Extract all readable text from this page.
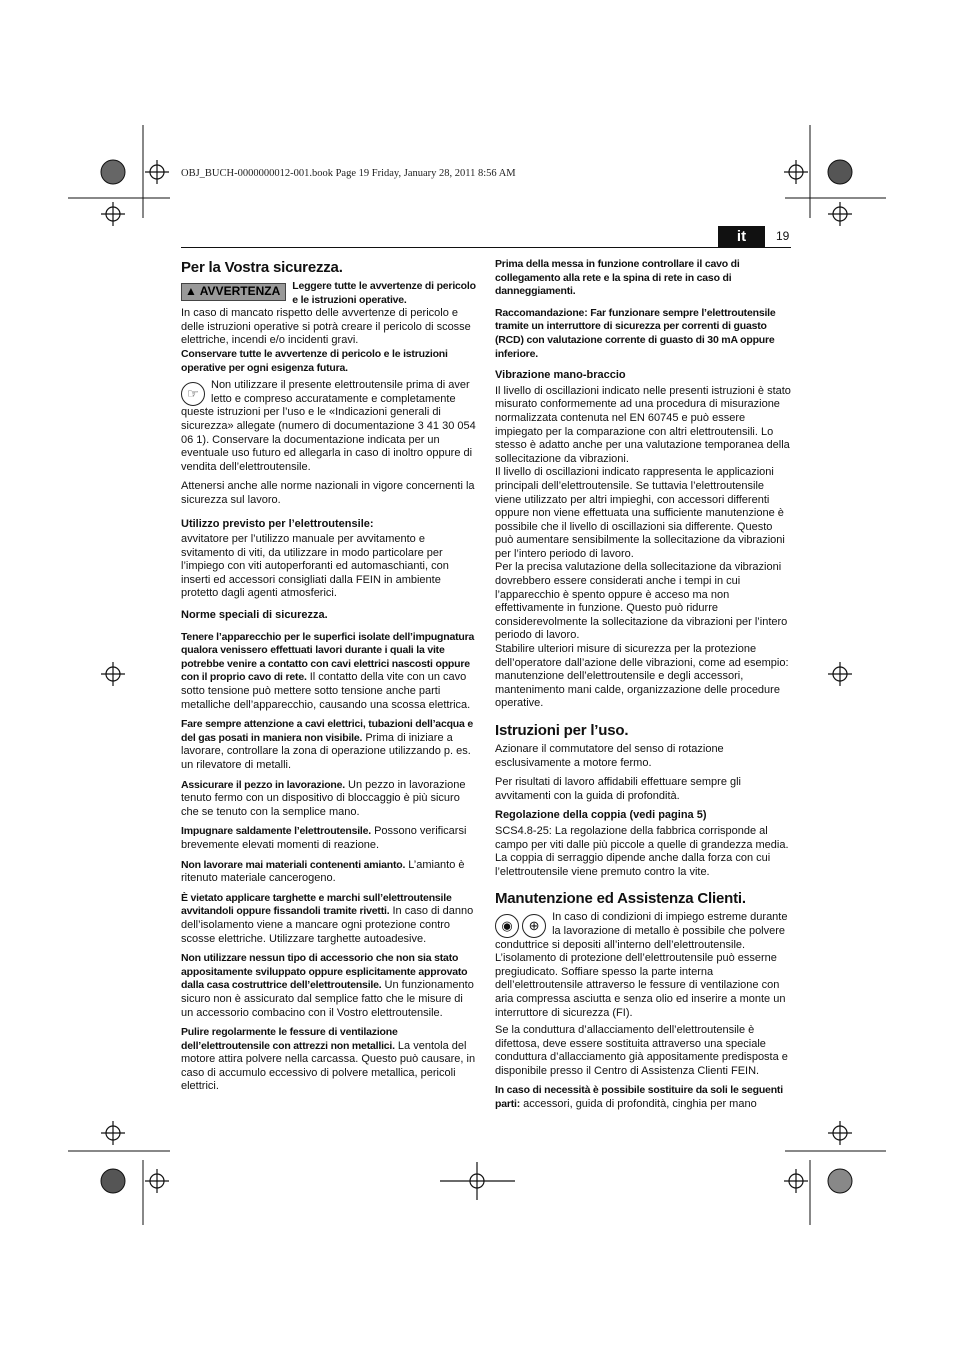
OBJ_BUCH-0000000012-001.book Page 19 Friday, January 28, 2011 8:56 AM
it	19
Per la Vostra sicurezza.
▲ AVVERTENZA	Leggere tutte le avvertenze di pericolo e le istruzioni operative.

In caso di mancato rispetto delle avvertenze di pericolo e delle istruzioni operative si potrà creare il pericolo di scosse elettriche, incendi e/o incidenti gravi.

Conservare tutte le avvertenze di pericolo e le istruzioni operative per ogni esigenza futura.

☞
Non utilizzare il presente elettroutensile prima di aver letto e compreso accuratamente e completamente queste istruzioni per l’uso e le «Indicazioni generali di sicurezza» allegate (numero di documentazione 3 41 30 054 06 1). Conservare la documentazione indicata per un eventuale uso futuro ed allegarla in caso di inoltro oppure di vendita dell’elettroutensile.

Attenersi anche alle norme nazionali in vigore concernenti la sicurezza sul lavoro.

Utilizzo previsto per l’elettroutensile:

avvitatore per l’utilizzo manuale per avvitamento e svitamento di viti, da utilizzare in modo particolare per l’impiego con viti autoperforanti ed automaschianti, con inserti ed accessori consigliati dalla FEIN in ambiente protetto dagli agenti atmosferici.

Norme speciali di sicurezza.

Tenere l’apparecchio per le superfici isolate dell’impugnatura qualora venissero effettuati lavori durante i quali la vite potrebbe venire a contatto con cavi elettrici nascosti oppure con il proprio cavo di rete. Il contatto della vite con un cavo sotto tensione può mettere sotto tensione anche parti metalliche dell’apparecchio, causando una scossa elettrica.

Fare sempre attenzione a cavi elettrici, tubazioni dell’acqua e del gas posati in maniera non visibile. Prima di iniziare a lavorare, controllare la zona di operazione utilizzando p. es. un rilevatore di metalli.

Assicurare il pezzo in lavorazione. Un pezzo in lavorazione tenuto fermo con un dispositivo di bloccaggio è più sicuro che se tenuto con la semplice mano.

Impugnare saldamente l’elettroutensile. Possono verificarsi brevemente elevati momenti di reazione.

Non lavorare mai materiali contenenti amianto. L’amianto è ritenuto materiale cancerogeno.

È vietato applicare targhette e marchi sull’elettroutensile avvitandoli oppure fissandoli tramite rivetti. In caso di danno dell’isolamento viene a mancare ogni protezione contro scosse elettriche. Utilizzare targhette autoadesive.

Non utilizzare nessun tipo di accessorio che non sia stato appositamente sviluppato oppure esplicitamente approvato dalla casa costruttrice dell’elettroutensile. Un funzionamento sicuro non è assicurato dal semplice fatto che le misure di un accessorio combacino con il Vostro elettroutensile.

Pulire regolarmente le fessure di ventilazione dell’elettroutensile con attrezzi non metallici. La ventola del motore attira polvere nella carcassa. Questo può causare, in caso di accumulo eccessivo di polvere metallica, pericoli elettrici.

Prima della messa in funzione controllare il cavo di collegamento alla rete e la spina di rete in caso di danneggiamenti.

Raccomandazione: Far funzionare sempre l’elettroutensile tramite un interruttore di sicurezza per correnti di guasto (RCD) con valutazione corrente di guasto di 30 mA oppure inferiore.

Vibrazione mano-braccio

Il livello di oscillazioni indicato nelle presenti istruzioni è stato misurato conformemente ad una procedura di misurazione normalizzata contenuta nel EN 60745 e può essere impiegato per la comparazione con altri elettroutensili. Lo stesso è adatto anche per una valutazione temporanea della sollecitazione da vibrazioni.

Il livello di oscillazioni indicato rappresenta le applicazioni principali dell’elettroutensile. Se tuttavia l’elettroutensile viene utilizzato per altri impieghi, con accessori differenti oppure non viene effettuata una sufficiente manutenzione è possibile che il livello di oscillazioni sia differente. Questo può aumentare sensibilmente la sollecitazione da vibrazioni per l’intero periodo di lavoro.

Per la precisa valutazione della sollecitazione da vibrazioni dovrebbero essere considerati anche i tempi in cui l’apparecchio è spento oppure è acceso ma non effettivamente in funzione. Questo può ridurre considerevolmente la sollecitazione da vibrazioni per l’intero periodo di lavoro.

Stabilire ulteriori misure di sicurezza per la protezione dell’operatore dall’azione delle vibrazioni, come ad esempio: manutenzione dell’elettroutensile e degli accessori, mantenimento mani calde, organizzazione delle procedure operative.

Istruzioni per l’uso.

Azionare il commutatore del senso di rotazione esclusivamente a motore fermo.

Per risultati di lavoro affidabili effettuare sempre gli avvitamenti con la guida di profondità.

Regolazione della coppia (vedi pagina 5)

SCS4.8-25: La regolazione della fabbrica corrisponde al campo per viti dalle più piccole a quelle di grandezza media.

La coppia di serraggio dipende anche dalla forza con cui l’elettroutensile viene premuto contro la vite.

Manutenzione ed Assistenza Clienti.

◉ ⊕
In caso di condizioni di impiego estreme durante la lavorazione di metallo è possibile che polvere conduttrice si depositi all’interno dell’elettroutensile. L’isolamento di protezione dell’elettroutensile può esserne pregiudicato. Soffiare spesso la parte interna dell’elettroutensile attraverso le fessure di ventilazione con aria compressa asciutta e senza olio ed inserire a monte un interruttore di sicurezza (FI).

Se la conduttura d’allacciamento dell’elettroutensile è difettosa, deve essere sostituita attraverso una speciale conduttura d’allacciamento già appositamente predisposta e disponibile presso il Centro di Assistenza Clienti FEIN.

In caso di necessità è possibile sostituire da soli le seguenti parti: accessori, guida di profondità, cinghia per mano
